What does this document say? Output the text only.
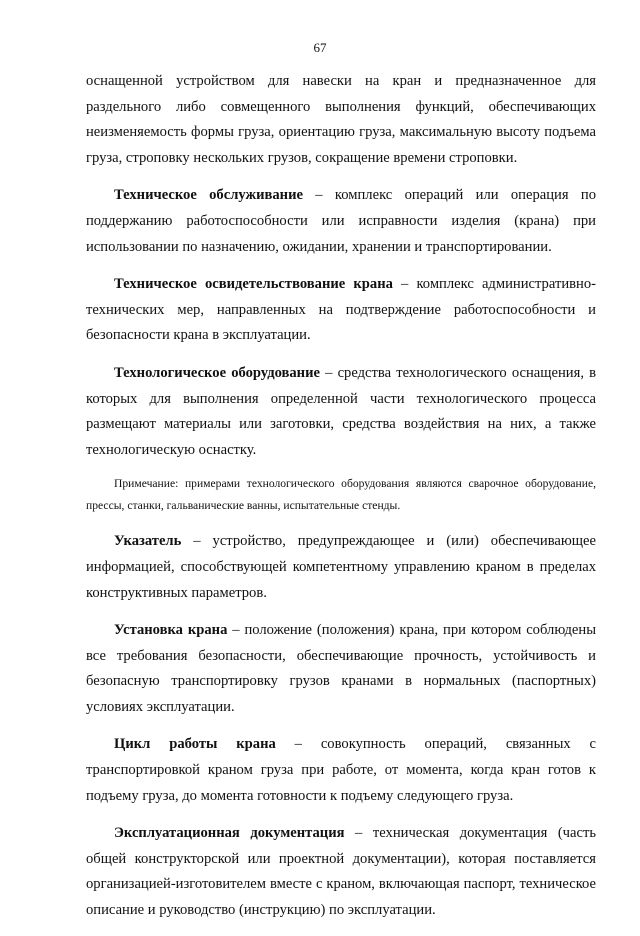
67

оснащенной устройством для навески на кран и предназначенное для раздельного либо совмещенного выполнения функций, обеспечивающих неизменяемость формы груза, ориентацию груза, максимальную высоту подъема груза, строповку нескольких грузов, сокращение времени строповки.

Техническое обслуживание – комплекс операций или операция по поддержанию работоспособности или исправности изделия (крана) при использовании по назначению, ожидании, хранении и транспортировании.

Техническое освидетельствование крана – комплекс административно-технических мер, направленных на подтверждение работоспособности и безопасности крана в эксплуатации.

Технологическое оборудование – средства технологического оснащения, в которых для выполнения определенной части технологического процесса размещают материалы или заготовки, средства воздействия на них, а также технологическую оснастку.

Примечание: примерами технологического оборудования являются сварочное оборудование, прессы, станки, гальванические ванны, испытательные стенды.

Указатель – устройство, предупреждающее и (или) обеспечивающее информацией, способствующей компетентному управлению краном в пределах конструктивных параметров.

Установка крана – положение (положения) крана, при котором соблюдены все требования безопасности, обеспечивающие прочность, устойчивость и безопасную транспортировку грузов кранами в нормальных (паспортных) условиях эксплуатации.

Цикл работы крана – совокупность операций, связанных с транспортировкой краном груза при работе, от момента, когда кран готов к подъему груза, до момента готовности к подъему следующего груза.

Эксплуатационная документация – техническая документация (часть общей конструкторской или проектной документации), которая поставляется организацией-изготовителем вместе с краном, включающая паспорт, техническое описание и руководство (инструкцию) по эксплуатации.
